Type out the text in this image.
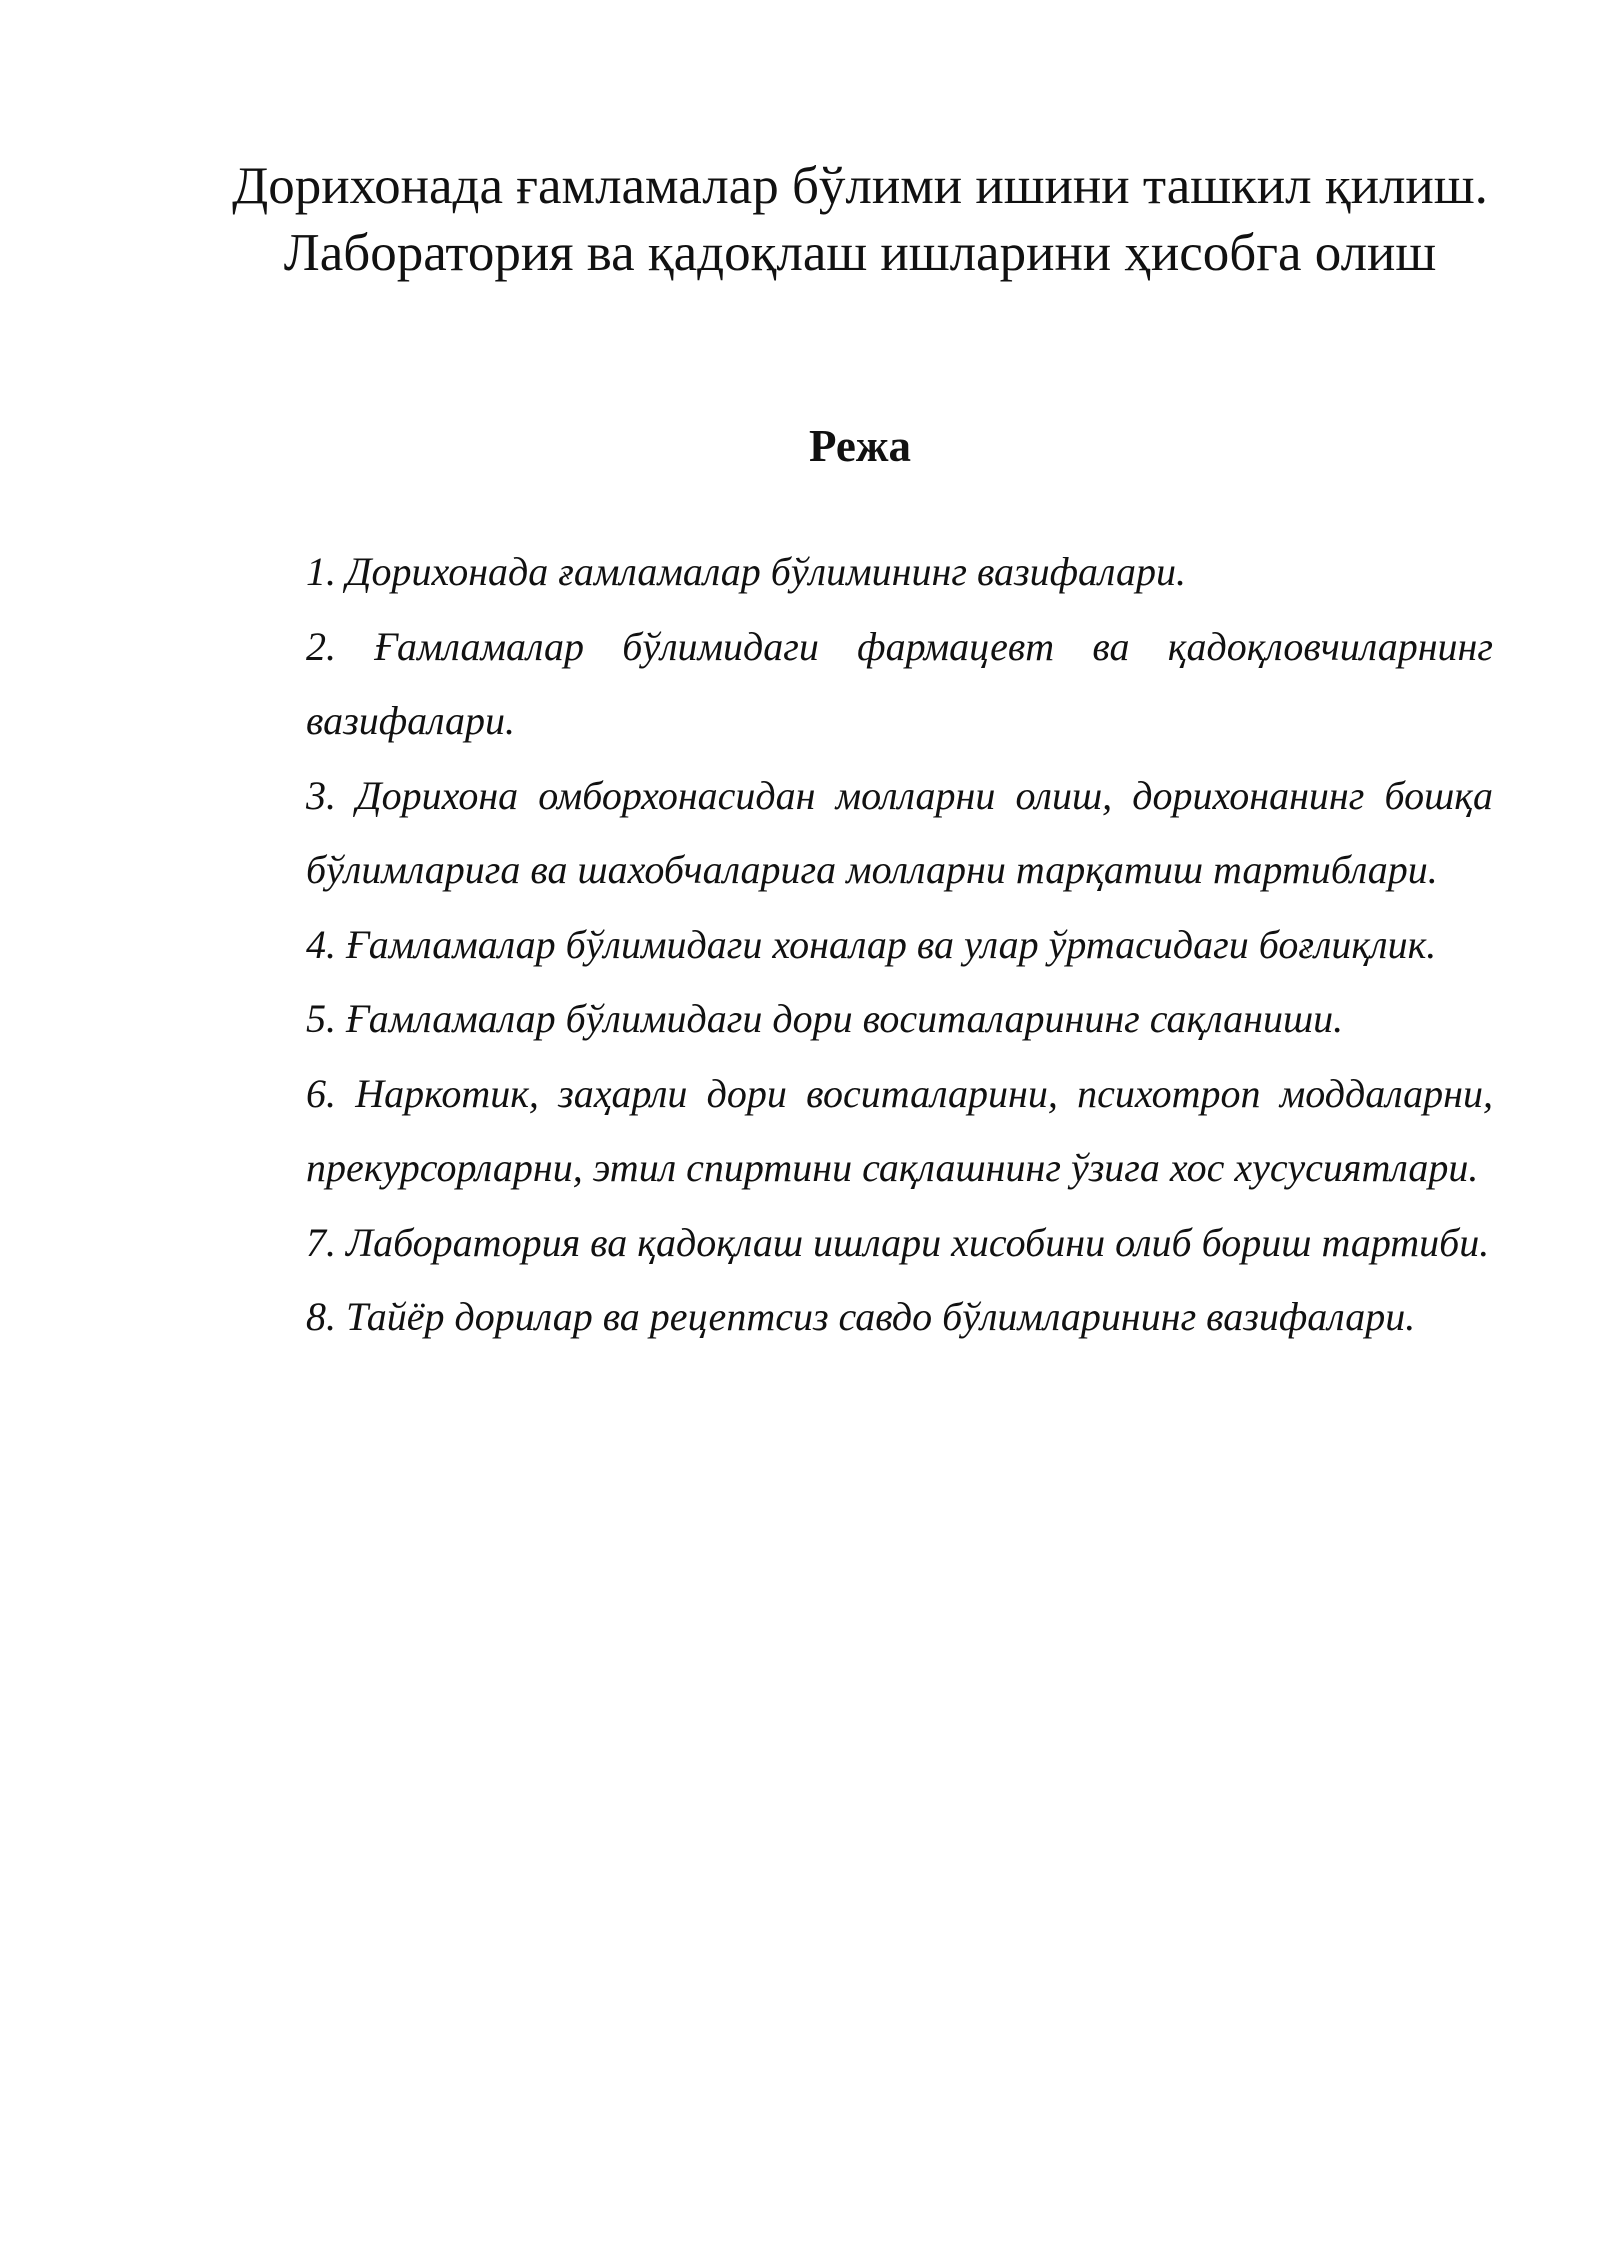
Дорихонада ғамламалар бўлими ишини ташкил қилиш. Лаборатория ва қадоқлаш ишларини ҳисобга олиш
Режа
1. Дорихонада ғамламалар бўлимининг вазифалари.
2. Ғамламалар бўлимидаги фармацевт ва қадоқловчиларнинг вазифалари.
3. Дорихона омборхонасидан молларни олиш, дорихонанинг бошқа бўлимларига ва шахобчаларига молларни тарқатиш тартиблари.
4. Ғамламалар бўлимидаги хоналар ва улар ўртасидаги боғлиқлик.
5. Ғамламалар бўлимидаги дори воситаларининг сақланиши.
6. Наркотик, заҳарли дори воситаларини, психотроп моддаларни, прекурсорларни, этил спиртини сақлашнинг ўзига хос хусусиятлари.
7. Лаборатория ва қадоқлаш ишлари хисобини олиб бориш тартиби.
8. Тайёр дорилар ва рецептсиз савдо бўлимларининг вазифалари.
